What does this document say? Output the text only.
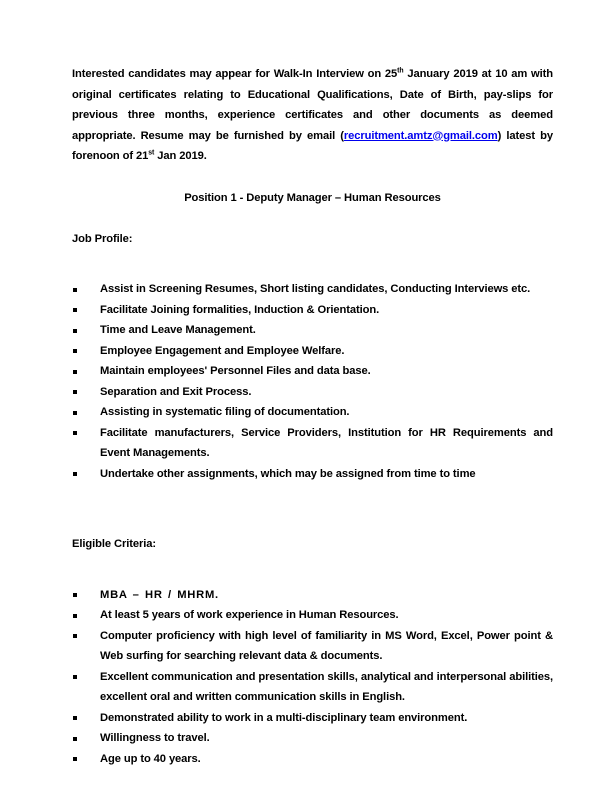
Interested candidates may appear for Walk-In Interview on 25th January 2019 at 10 am with original certificates relating to Educational Qualifications, Date of Birth, pay-slips for previous three months, experience certificates and other documents as deemed appropriate. Resume may be furnished by email (recruitment.amtz@gmail.com) latest by forenoon of 21st Jan 2019.

Position 1 - Deputy Manager – Human Resources

Job Profile:

Assist in Screening Resumes, Short listing candidates, Conducting Interviews etc.
Facilitate Joining formalities, Induction & Orientation.
Time and Leave Management.
Employee Engagement and Employee Welfare.
Maintain employees' Personnel Files and data base.
Separation and Exit Process.
Assisting in systematic filing of documentation.
Facilitate manufacturers, Service Providers, Institution for HR Requirements and Event Managements.
Undertake other assignments, which may be assigned from time to time

Eligible Criteria:

MBA – HR / MHRM.
At least 5 years of work experience in Human Resources.
Computer proficiency with high level of familiarity in MS Word, Excel, Power point & Web surfing for searching relevant data & documents.
Excellent communication and presentation skills, analytical and interpersonal abilities, excellent oral and written communication skills in English.
Demonstrated ability to work in a multi-disciplinary team environment.
Willingness to travel.
Age up to 40 years.
